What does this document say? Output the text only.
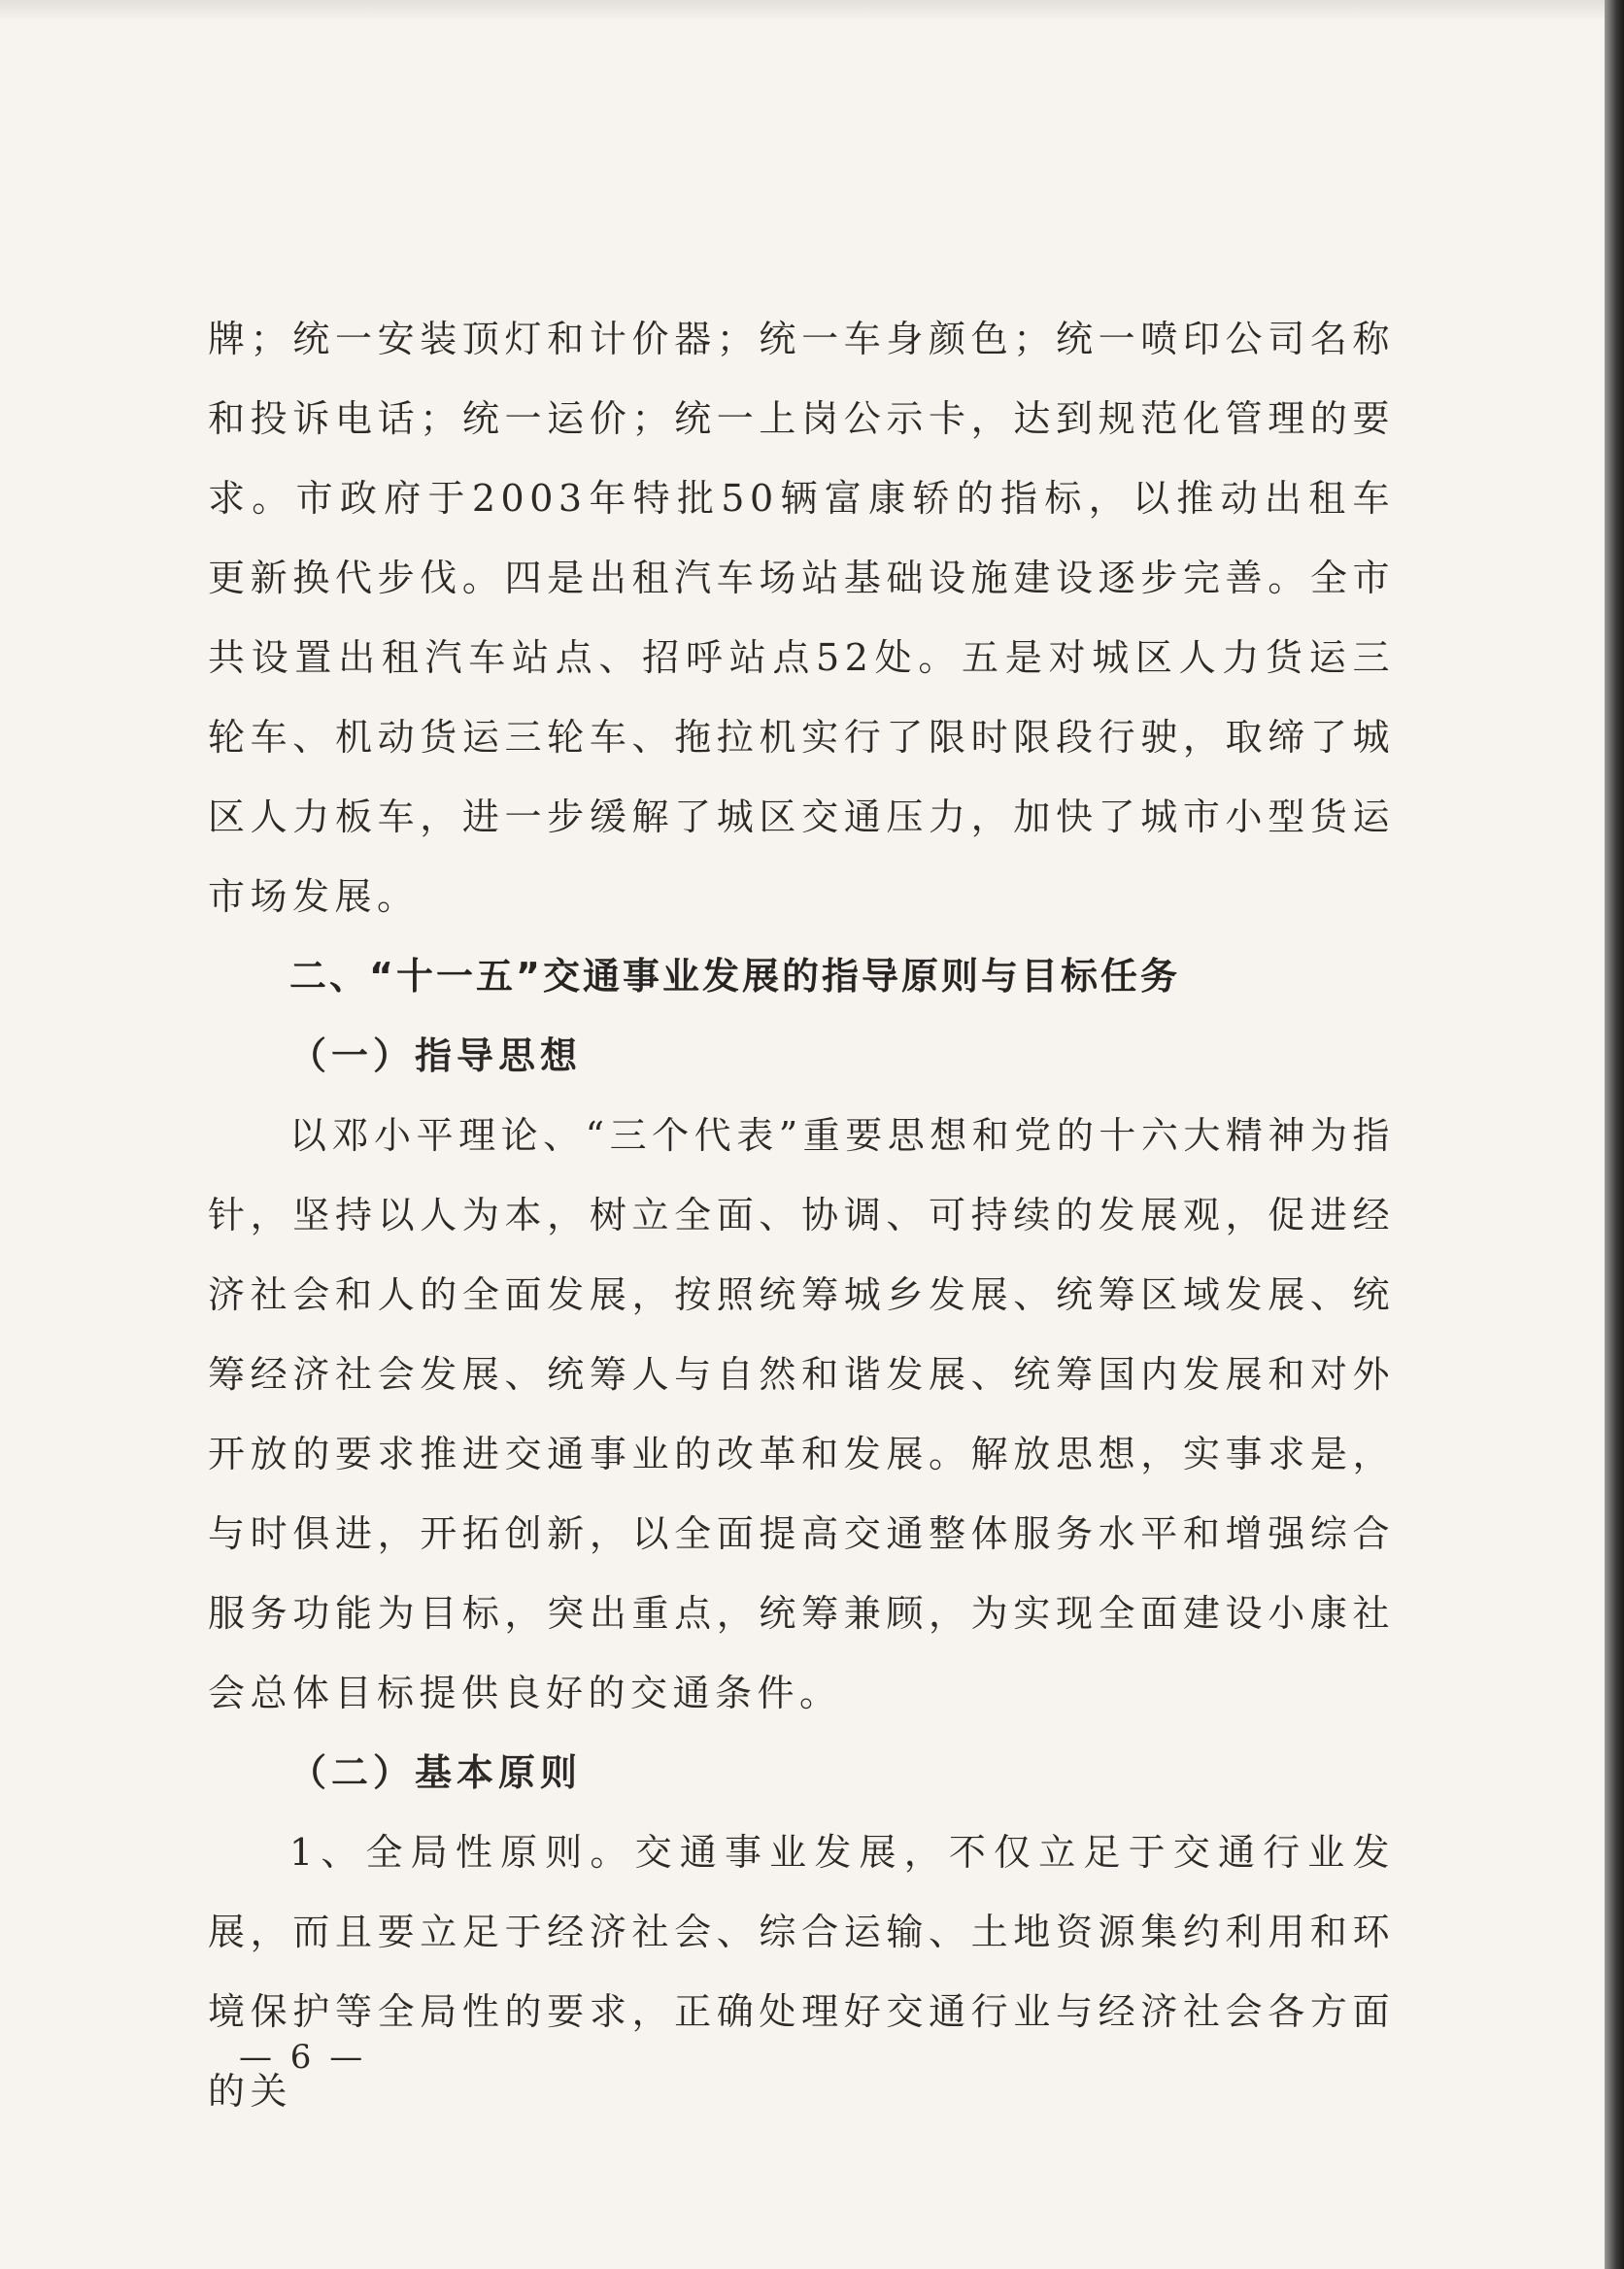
牌；统一安装顶灯和计价器；统一车身颜色；统一喷印公司名称和投诉电话；统一运价；统一上岗公示卡，达到规范化管理的要求。市政府于2003年特批50辆富康轿的指标，以推动出租车更新换代步伐。四是出租汽车场站基础设施建设逐步完善。全市共设置出租汽车站点、招呼站点52处。五是对城区人力货运三轮车、机动货运三轮车、拖拉机实行了限时限段行驶，取缔了城区人力板车，进一步缓解了城区交通压力，加快了城市小型货运市场发展。

二、“十一五”交通事业发展的指导原则与目标任务
（一）指导思想

以邓小平理论、“三个代表”重要思想和党的十六大精神为指针，坚持以人为本，树立全面、协调、可持续的发展观，促进经济社会和人的全面发展，按照统筹城乡发展、统筹区域发展、统筹经济社会发展、统筹人与自然和谐发展、统筹国内发展和对外开放的要求推进交通事业的改革和发展。解放思想，实事求是，与时俱进，开拓创新，以全面提高交通整体服务水平和增强综合服务功能为目标，突出重点，统筹兼顾，为实现全面建设小康社会总体目标提供良好的交通条件。

（二）基本原则

1、全局性原则。交通事业发展，不仅立足于交通行业发展，而且要立足于经济社会、综合运输、土地资源集约利用和环境保护等全局性的要求，正确处理好交通行业与经济社会各方面的关

— 6 —
